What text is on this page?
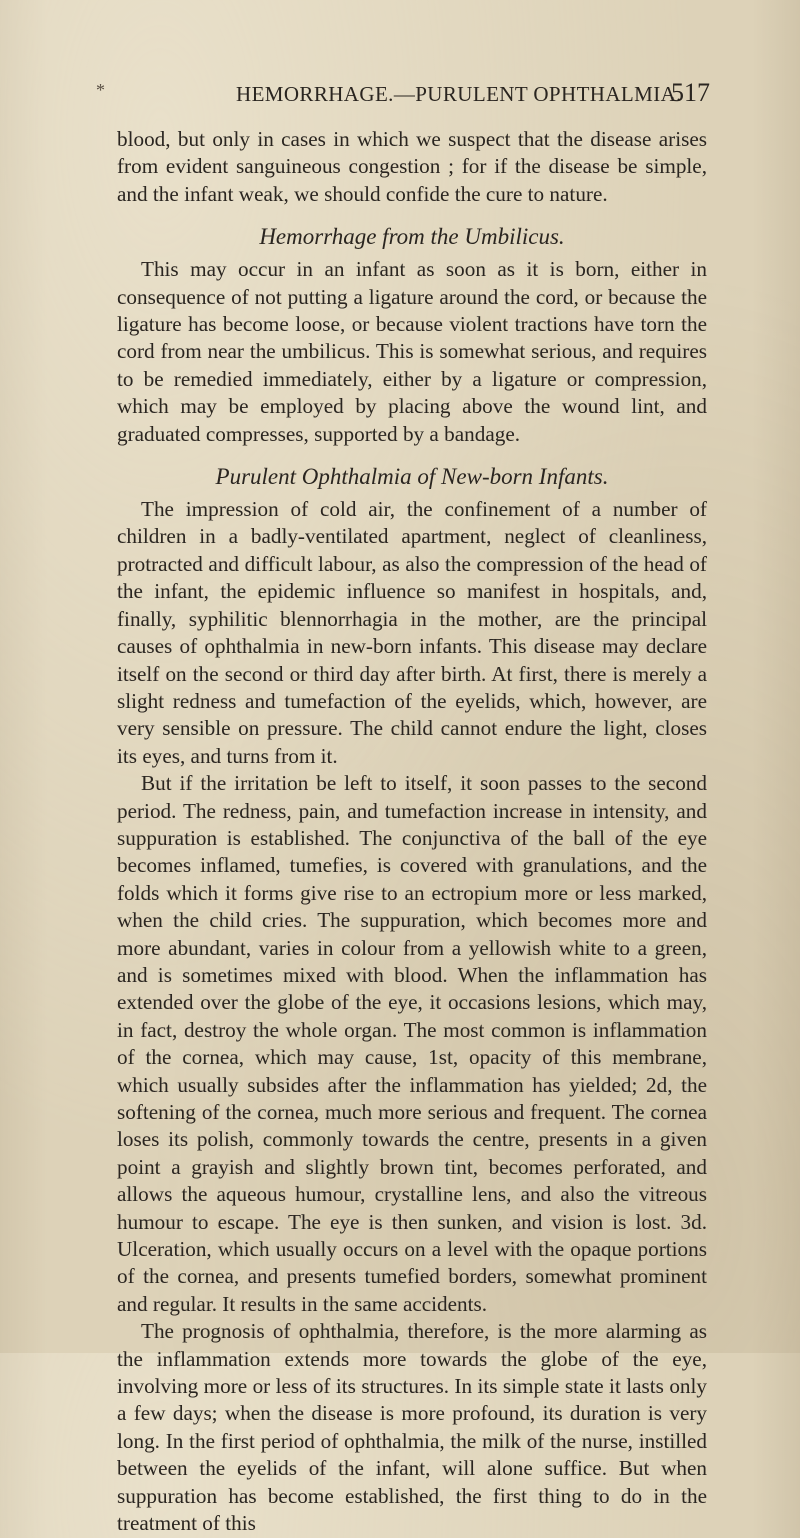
*	HEMORRHAGE.—PURULENT OPHTHALMIA.
517

blood, but only in cases in which we suspect that the disease arises from evident sanguineous congestion ; for if the disease be simple, and the infant weak, we should confide the cure to nature.

Hemorrhage from the Umbilicus.

This may occur in an infant as soon as it is born, either in consequence of not putting a ligature around the cord, or because the ligature has become loose, or because violent tractions have torn the cord from near the umbilicus. This is somewhat serious, and requires to be remedied immediately, either by a ligature or compression, which may be employed by placing above the wound lint, and graduated compresses, supported by a bandage.

Purulent Ophthalmia of New-born Infants.

The impression of cold air, the confinement of a number of children in a badly-ventilated apartment, neglect of cleanliness, protracted and difficult labour, as also the compression of the head of the infant, the epidemic influence so manifest in hospitals, and, finally, syphilitic blennorrhagia in the mother, are the principal causes of ophthalmia in new-born infants. This disease may declare itself on the second or third day after birth. At first, there is merely a slight redness and tumefaction of the eyelids, which, however, are very sensible on pressure. The child cannot endure the light, closes its eyes, and turns from it.

But if the irritation be left to itself, it soon passes to the second period. The redness, pain, and tumefaction increase in intensity, and suppuration is established. The conjunctiva of the ball of the eye becomes inflamed, tumefies, is covered with granulations, and the folds which it forms give rise to an ectropium more or less marked, when the child cries. The suppuration, which becomes more and more abundant, varies in colour from a yellowish white to a green, and is sometimes mixed with blood. When the inflammation has extended over the globe of the eye, it occasions lesions, which may, in fact, destroy the whole organ. The most common is inflammation of the cornea, which may cause, 1st, opacity of this membrane, which usually subsides after the inflammation has yielded; 2d, the softening of the cornea, much more serious and frequent. The cornea loses its polish, commonly towards the centre, presents in a given point a grayish and slightly brown tint, becomes perforated, and allows the aqueous humour, crystalline lens, and also the vitreous humour to escape. The eye is then sunken, and vision is lost. 3d. Ulceration, which usually occurs on a level with the opaque portions of the cornea, and presents tumefied borders, somewhat prominent and regular. It results in the same accidents.

The prognosis of ophthalmia, therefore, is the more alarming as the inflammation extends more towards the globe of the eye, involving more or less of its structures. In its simple state it lasts only a few days; when the disease is more profound, its duration is very long. In the first period of ophthalmia, the milk of the nurse, instilled between the eyelids of the infant, will alone suffice. But when suppuration has become established, the first thing to do in the treatment of this
